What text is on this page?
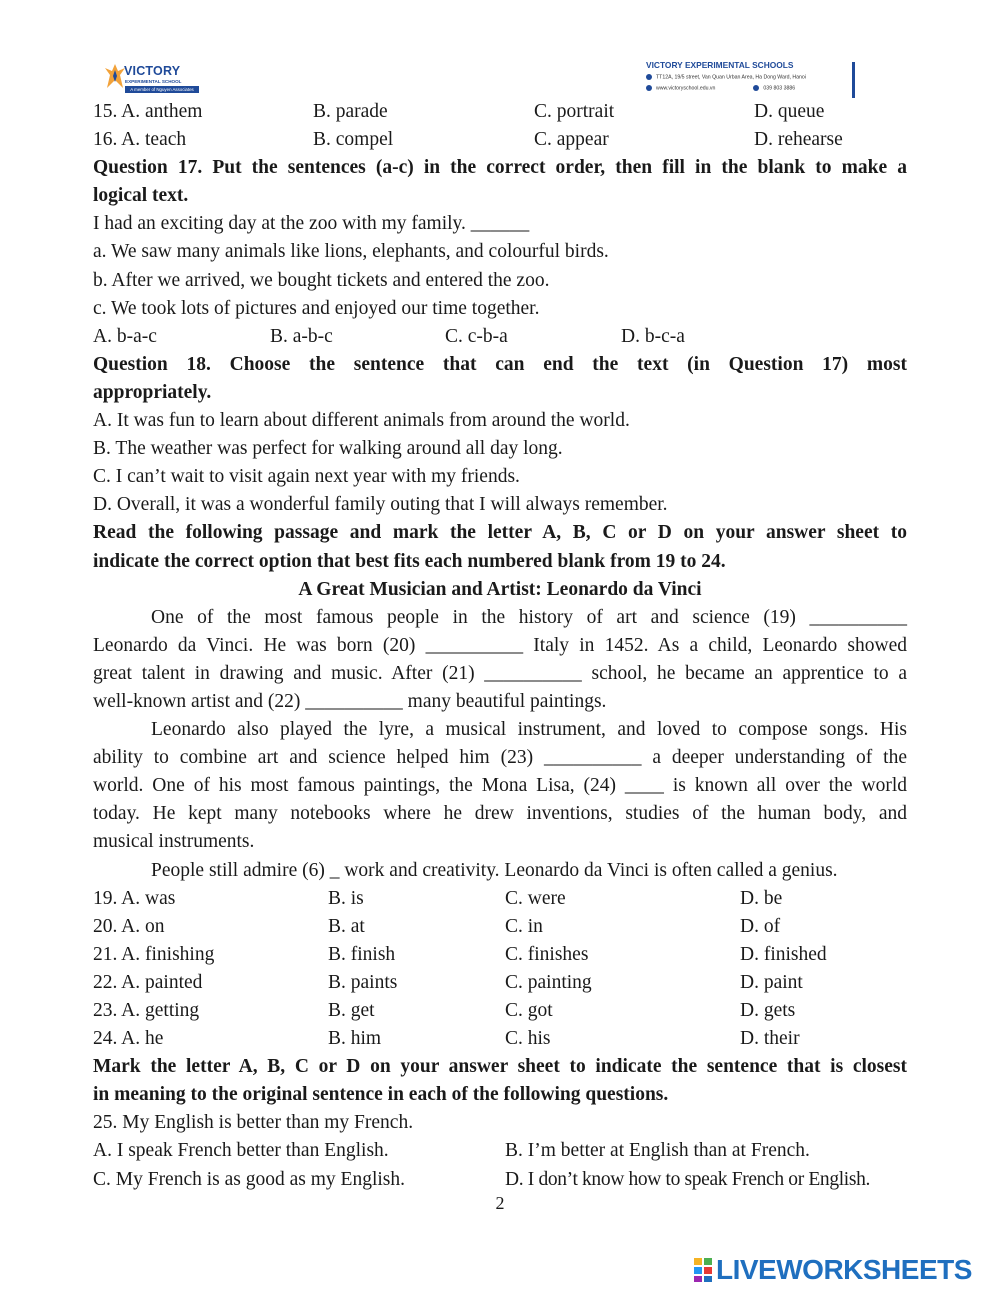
VICTORY
EXPERIMENTAL SCHOOL
A member of Nguyen Associates
VICTORY EXPERIMENTAL SCHOOLS
TT12A, 19/5 street, Van Quan Urban Area, Ha Dong Ward, Hanoi
www.victoryschool.edu.vn	039 803 3886
15. A. anthem	B. parade	C. portrait	D. queue
16. A. teach	B. compel	C. appear	D. rehearse
Question 17. Put the sentences (a-c) in the correct order, then fill in the blank to make a
logical text.
I had an exciting day at the zoo with my family. ______
a. We saw many animals like lions, elephants, and colourful birds.
b. After we arrived, we bought tickets and entered the zoo.
c. We took lots of pictures and enjoyed our time together.
A. b-a-c	B. a-b-c	C. c-b-a	D. b-c-a
Question 18. Choose the sentence that can end the text (in Question 17) most
appropriately.
A. It was fun to learn about different animals from around the world.
B. The weather was perfect for walking around all day long.
C. I can’t wait to visit again next year with my friends.
D. Overall, it was a wonderful family outing that I will always remember.
Read the following passage and mark the letter A, B, C or D on your answer sheet to
indicate the correct option that best fits each numbered blank from 19 to 24.
A Great Musician and Artist: Leonardo da Vinci
One of the most famous people in the history of art and science (19) __________
Leonardo da Vinci. He was born (20) __________ Italy in 1452. As a child, Leonardo showed
great talent in drawing and music. After (21) __________ school, he became an apprentice to a
well-known artist and (22) __________ many beautiful paintings.
Leonardo also played the lyre, a musical instrument, and loved to compose songs. His
ability to combine art and science helped him (23) __________ a deeper understanding of the
world. One of his most famous paintings, the Mona Lisa, (24) ____ is known all over the world
today. He kept many notebooks where he drew inventions, studies of the human body, and
musical instruments.
People still admire (6) _ work and creativity. Leonardo da Vinci is often called a genius.
19. A. was	B. is	C. were	D. be
20. A. on	B. at	C. in	D. of
21. A. finishing	B. finish	C. finishes	D. finished
22. A. painted	B. paints	C. painting	D. paint
23. A. getting	B. get	C. got	D. gets
24. A. he	B. him	C. his	D. their
Mark the letter A, B, C or D on your answer sheet to indicate the sentence that is closest
in meaning to the original sentence in each of the following questions.
25. My English is better than my French.
A. I speak French better than English.	B. I’m better at English than at French.
C. My French is as good as my English.	D. I don’t know how to speak French or English.
2
LIVEWORKSHEETS
